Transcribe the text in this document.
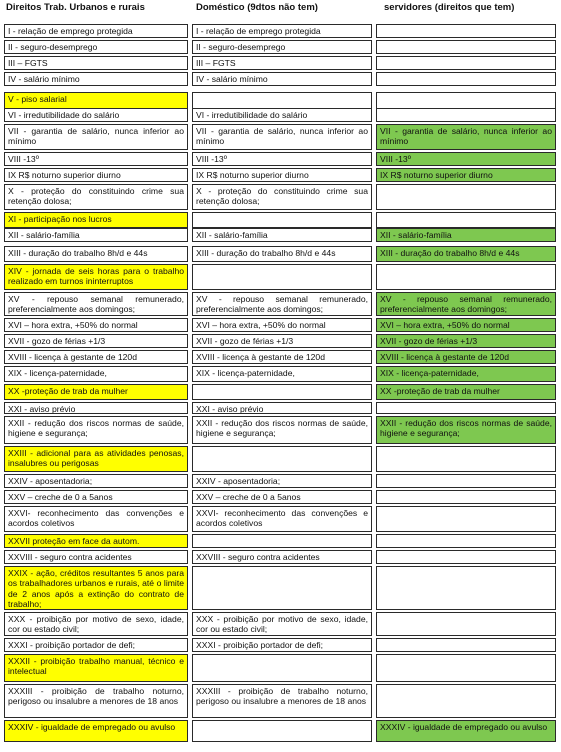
Direitos Trab. Urbanos e rurais	Doméstico (9dtos não tem)	servidores (direitos que tem)
I - relação de emprego protegida
II - seguro-desemprego
III – FGTS
IV - salário mínimo
V - piso salarial
VI - irredutibilidade do salário
VII - garantia de salário, nunca inferior ao mínimo
VIII -13º
IX R$ noturno superior diurno
X - proteção do constituindo crime sua retenção dolosa;
XI - participação nos lucros
XII - salário-família
XIII - duração do trabalho 8h/d e 44s
XIV - jornada de seis horas para o trabalho realizado em turnos ininterruptos
XV - repouso semanal remunerado, preferencialmente aos domingos;
XVI – hora extra, +50% do normal
XVII - gozo de férias +1/3
XVIII - licença à gestante de 120d
XIX - licença-paternidade,
XX -proteção de trab da mulher
XXI - aviso prévio
XXII - redução dos riscos normas de saúde, higiene e segurança;
XXIII - adicional para as atividades penosas, insalubres ou perigosas
XXIV - aposentadoria;
XXV – creche de 0 a 5anos
XXVI- reconhecimento das convenções e acordos coletivos
XXVII proteção em face da autom.
XXVIII - seguro contra acidentes
XXIX - ação, créditos resultantes 5 anos para os trabalhadores urbanos e rurais, até o limite de 2 anos após a extinção do contrato de trabalho;
XXX - proibição por motivo de sexo, idade, cor ou estado civil;
XXXI - proibição portador de defi;
XXXII - proibição trabalho manual, técnico e intelectual
XXXIII - proibição de trabalho noturno, perigoso ou insalubre a menores de 18 anos
XXXIV - igualdade de empregado ou avulso
I - relação de emprego protegida
II - seguro-desemprego
III – FGTS
IV - salário mínimo
VI - irredutibilidade do salário
VII - garantia de salário, nunca inferior ao mínimo
VIII -13º
IX R$ noturno superior diurno
X - proteção do constituindo crime sua retenção dolosa;
XII - salário-família
XIII - duração do trabalho 8h/d e 44s
XV - repouso semanal remunerado, preferencialmente aos domingos;
XVI – hora extra, +50% do normal
XVII - gozo de férias +1/3
XVIII - licença à gestante de 120d
XIX - licença-paternidade,
XXI - aviso prévio
XXII - redução dos riscos normas de saúde, higiene e segurança;
XXIV - aposentadoria;
XXV – creche de 0 a 5anos
XXVI- reconhecimento das convenções e acordos coletivos
XXVIII - seguro contra acidentes
XXX - proibição por motivo de sexo, idade, cor ou estado civil;
XXXI - proibição portador de defi;
XXXIII - proibição de trabalho noturno, perigoso ou insalubre a menores de 18 anos
VII - garantia de salário, nunca inferior ao mínimo
VIII -13º
IX R$ noturno superior diurno
XII - salário-família
XIII - duração do trabalho 8h/d e 44s
XV - repouso semanal remunerado, preferencialmente aos domingos;
XVI – hora extra, +50% do normal
XVII - gozo de férias +1/3
XVIII - licença à gestante de 120d
XIX - licença-paternidade,
XX -proteção de trab da mulher
XXII - redução dos riscos normas de saúde, higiene e segurança;
XXXIV - igualdade de empregado ou avulso
